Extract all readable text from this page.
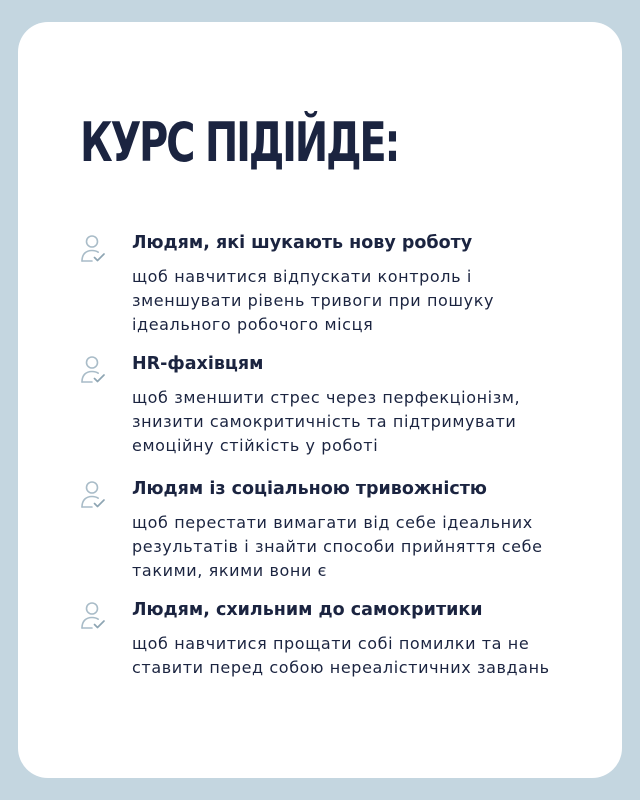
КУРС ПІДІЙДЕ:
Людям, які шукають нову роботу
щоб навчитися відпускати контроль і
зменшувати рівень тривоги при пошуку
ідеального робочого місця
HR-фахівцям
щоб зменшити стрес через перфекціонізм,
знизити самокритичність та підтримувати
емоційну стійкість у роботі
Людям із соціальною тривожністю
щоб перестати вимагати від себе ідеальних
результатів і знайти способи прийняття себе
такими, якими вони є
Людям, схильним до самокритики
щоб навчитися прощати собі помилки та не
ставити перед собою нереалістичних завдань
